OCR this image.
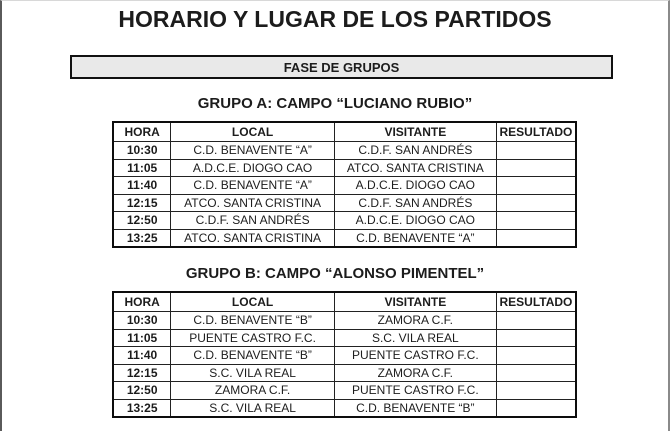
HORARIO Y LUGAR DE LOS PARTIDOS
FASE DE GRUPOS
GRUPO A: CAMPO “LUCIANO RUBIO”
HORA	LOCAL	VISITANTE	RESULTADO
10:30	C.D. BENAVENTE “A”	C.D.F. SAN ANDRÉS	
11:05	A.D.C.E. DIOGO CAO	ATCO. SANTA CRISTINA	
11:40	C.D. BENAVENTE “A”	A.D.C.E. DIOGO CAO	
12:15	ATCO. SANTA CRISTINA	C.D.F. SAN ANDRÉS	
12:50	C.D.F. SAN ANDRÉS	A.D.C.E. DIOGO CAO	
13:25	ATCO. SANTA CRISTINA	C.D. BENAVENTE “A”	
GRUPO B: CAMPO “ALONSO PIMENTEL”
HORA	LOCAL	VISITANTE	RESULTADO
10:30	C.D. BENAVENTE “B”	ZAMORA C.F.	
11:05	PUENTE CASTRO F.C.	S.C. VILA REAL	
11:40	C.D. BENAVENTE “B”	PUENTE CASTRO F.C.	
12:15	S.C. VILA REAL	ZAMORA C.F.	
12:50	ZAMORA C.F.	PUENTE CASTRO F.C.	
13:25	S.C. VILA REAL	C.D. BENAVENTE “B”	
